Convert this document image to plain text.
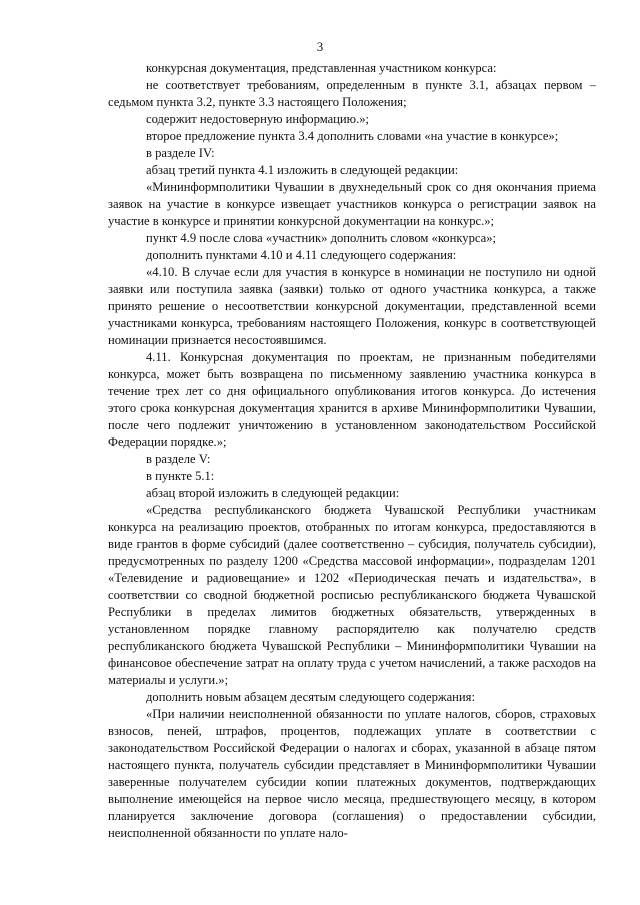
3

конкурсная документация, представленная участником конкурса:

не соответствует требованиям, определенным в пункте 3.1, абзацах первом – седьмом пункта 3.2, пункте 3.3 настоящего Положения;

содержит недостоверную информацию.»;

второе предложение пункта 3.4 дополнить словами «на участие в конкурсе»;

в разделе IV:

абзац третий пункта 4.1 изложить в следующей редакции:

«Мининформполитики Чувашии в двухнедельный срок со дня окончания приема заявок на участие в конкурсе извещает участников конкурса о регистрации заявок на участие в конкурсе и принятии конкурсной документации на конкурс.»;

пункт 4.9 после слова «участник» дополнить словом «конкурса»;

дополнить пунктами 4.10 и 4.11 следующего содержания:

«4.10. В случае если для участия в конкурсе в номинации не поступило ни одной заявки или поступила заявка (заявки) только от одного участника конкурса, а также принято решение о несоответствии конкурсной документации, представленной всеми участниками конкурса, требованиям настоящего Положения, конкурс в соответствующей номинации признается несостоявшимся.

4.11. Конкурсная документация по проектам, не признанным победителями конкурса, может быть возвращена по письменному заявлению участника конкурса в течение трех лет со дня официального опубликования итогов конкурса. До истечения этого срока конкурсная документация хранится в архиве Мининформполитики Чувашии, после чего подлежит уничтожению в установленном законодательством Российской Федерации порядке.»;

в разделе V:

в пункте 5.1:

абзац второй изложить в следующей редакции:

«Средства республиканского бюджета Чувашской Республики участникам конкурса на реализацию проектов, отобранных по итогам конкурса, предоставляются в виде грантов в форме субсидий (далее соответственно – субсидия, получатель субсидии), предусмотренных по разделу 1200 «Средства массовой информации», подразделам 1201 «Телевидение и радиовещание» и 1202 «Периодическая печать и издательства», в соответствии со сводной бюджетной росписью республиканского бюджета Чувашской Республики в пределах лимитов бюджетных обязательств, утвержденных в установленном порядке главному распорядителю как получателю средств республиканского бюджета Чувашской Республики – Мининформполитики Чувашии на финансовое обеспечение затрат на оплату труда с учетом начислений, а также расходов на материалы и услуги.»;

дополнить новым абзацем десятым следующего содержания:

«При наличии неисполненной обязанности по уплате налогов, сборов, страховых взносов, пеней, штрафов, процентов, подлежащих уплате в соответствии с законодательством Российской Федерации о налогах и сборах, указанной в абзаце пятом настоящего пункта, получатель субсидии представляет в Мининформполитики Чувашии заверенные получателем субсидии копии платежных документов, подтверждающих выполнение имеющейся на первое число месяца, предшествующего месяцу, в котором планируется заключение договора (соглашения) о предоставлении субсидии, неисполненной обязанности по уплате нало-
